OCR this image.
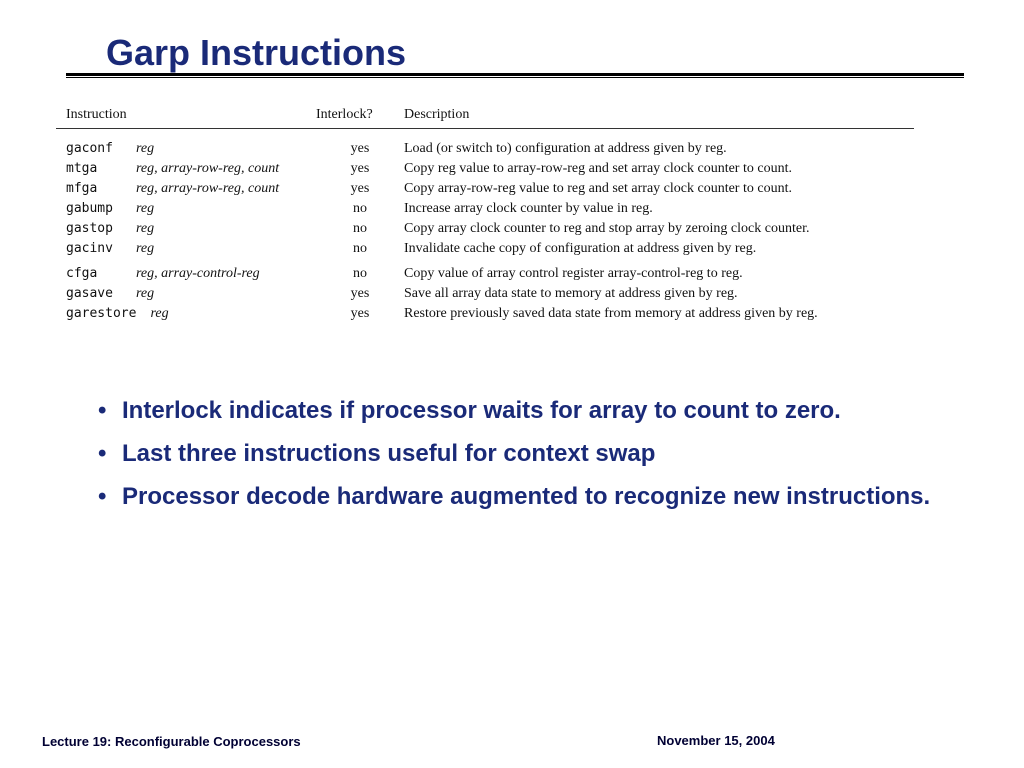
Garp Instructions
Instruction	Interlock?	Description
gaconf reg	yes	Load (or switch to) configuration at address given by reg.
mtga reg, array-row-reg, count	yes	Copy reg value to array-row-reg and set array clock counter to count.
mfga reg, array-row-reg, count	yes	Copy array-row-reg value to reg and set array clock counter to count.
gabump reg	no	Increase array clock counter by value in reg.
gastop reg	no	Copy array clock counter to reg and stop array by zeroing clock counter.
gacinv reg	no	Invalidate cache copy of configuration at address given by reg.
cfga reg, array-control-reg	no	Copy value of array control register array-control-reg to reg.
gasave reg	yes	Save all array data state to memory at address given by reg.
garestore reg	yes	Restore previously saved data state from memory at address given by reg.
• Interlock indicates if processor waits for array to count to zero.
• Last three instructions useful for context swap
• Processor decode hardware augmented to recognize new instructions.
Lecture 19: Reconfigurable Coprocessors	November 15, 2004
